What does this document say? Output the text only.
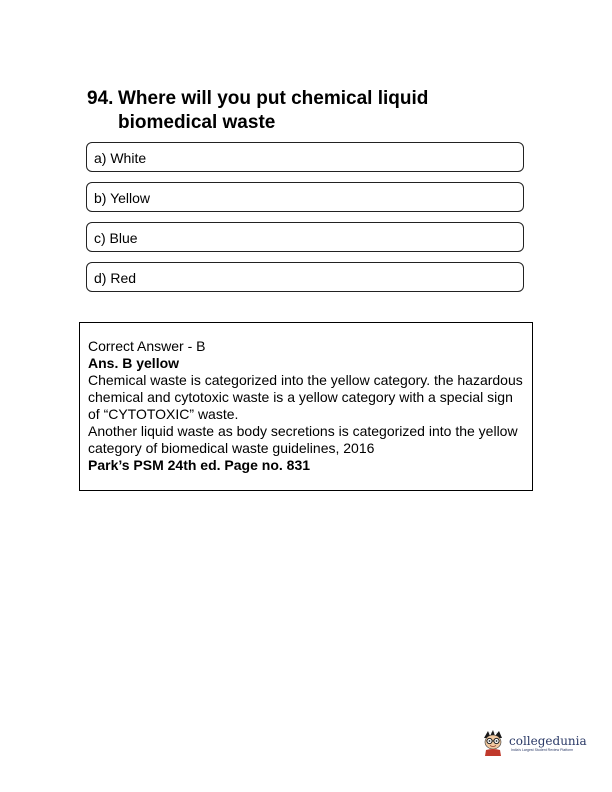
94. Where will you put chemical liquid biomedical waste
a) White
b) Yellow
c) Blue
d) Red
Correct Answer - B
Ans. B yellow
Chemical waste is categorized into the yellow category. the hazardous chemical and cytotoxic waste is a yellow category with a special sign of “CYTOTOXIC” waste.
Another liquid waste as body secretions is categorized into the yellow category of biomedical waste guidelines, 2016
Park’s PSM 24th ed. Page no. 831
collegedunia
India's Largest Student Review Platform
